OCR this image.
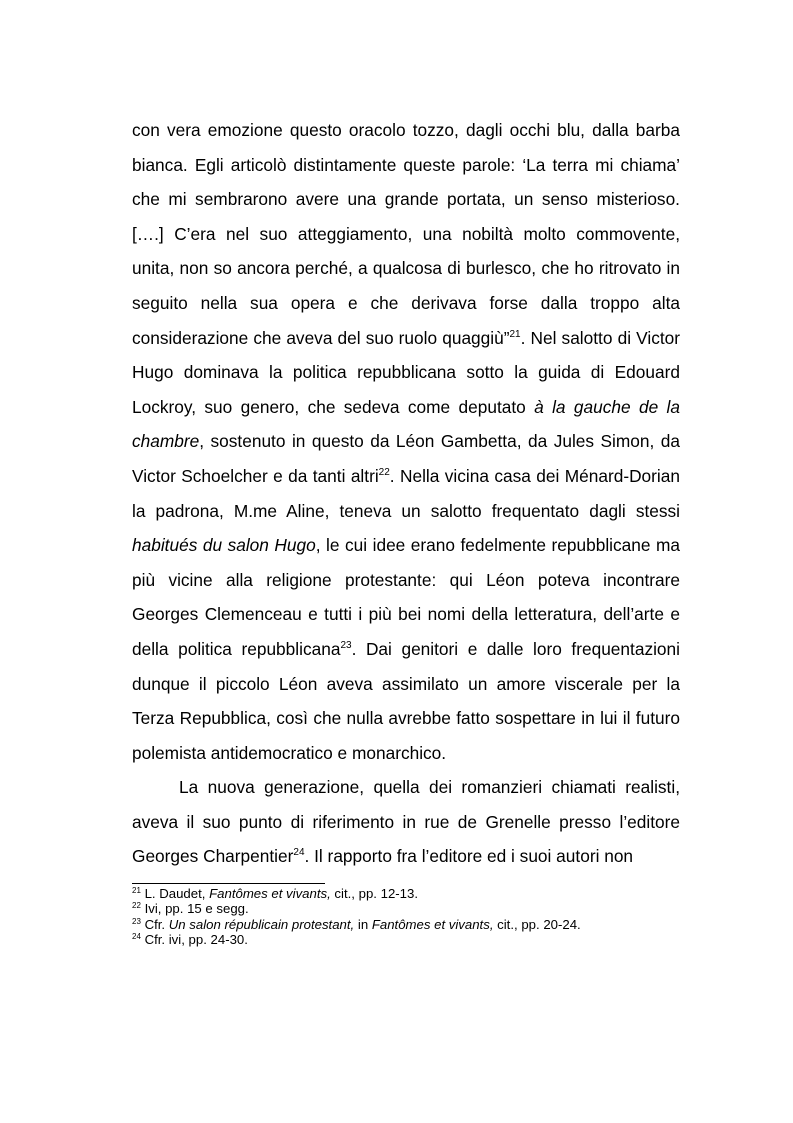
con vera emozione questo oracolo tozzo, dagli occhi blu, dalla barba bianca. Egli articolò distintamente queste parole: ‘La terra mi chiama’ che mi sembrarono avere una grande portata, un senso misterioso. [….] C’era nel suo atteggiamento, una nobiltà molto commovente, unita, non so ancora perché, a qualcosa di burlesco, che ho ritrovato in seguito nella sua opera e che derivava forse dalla troppo alta considerazione che aveva del suo ruolo quaggiù”$^{21}$. Nel salotto di Victor Hugo dominava la politica repubblicana sotto la guida di Edouard Lockroy, suo genero, che sedeva come deputato à la gauche de la chambre, sostenuto in questo da Léon Gambetta, da Jules Simon, da Victor Schoelcher e da tanti altri$^{22}$. Nella vicina casa dei Ménard-Dorian la padrona, M.me Aline, teneva un salotto frequentato dagli stessi habitués du salon Hugo, le cui idee erano fedelmente repubblicane ma più vicine alla religione protestante: qui Léon poteva incontrare Georges Clemenceau e tutti i più bei nomi della letteratura, dell’arte e della politica repubblicana$^{23}$. Dai genitori e dalle loro frequentazioni dunque il piccolo Léon aveva assimilato un amore viscerale per la Terza Repubblica, così che nulla avrebbe fatto sospettare in lui il futuro polemista antidemocratico e monarchico.

La nuova generazione, quella dei romanzieri chiamati realisti, aveva il suo punto di riferimento in rue de Grenelle presso l’editore Georges Charpentier$^{24}$. Il rapporto fra l’editore ed i suoi autori non

$^{21}$ L. Daudet, Fantômes et vivants, cit., pp. 12-13.
$^{22}$ Ivi, pp. 15 e segg.
$^{23}$ Cfr. Un salon républicain protestant, in Fantômes et vivants, cit., pp. 20-24.
$^{24}$ Cfr. ivi, pp. 24-30.
